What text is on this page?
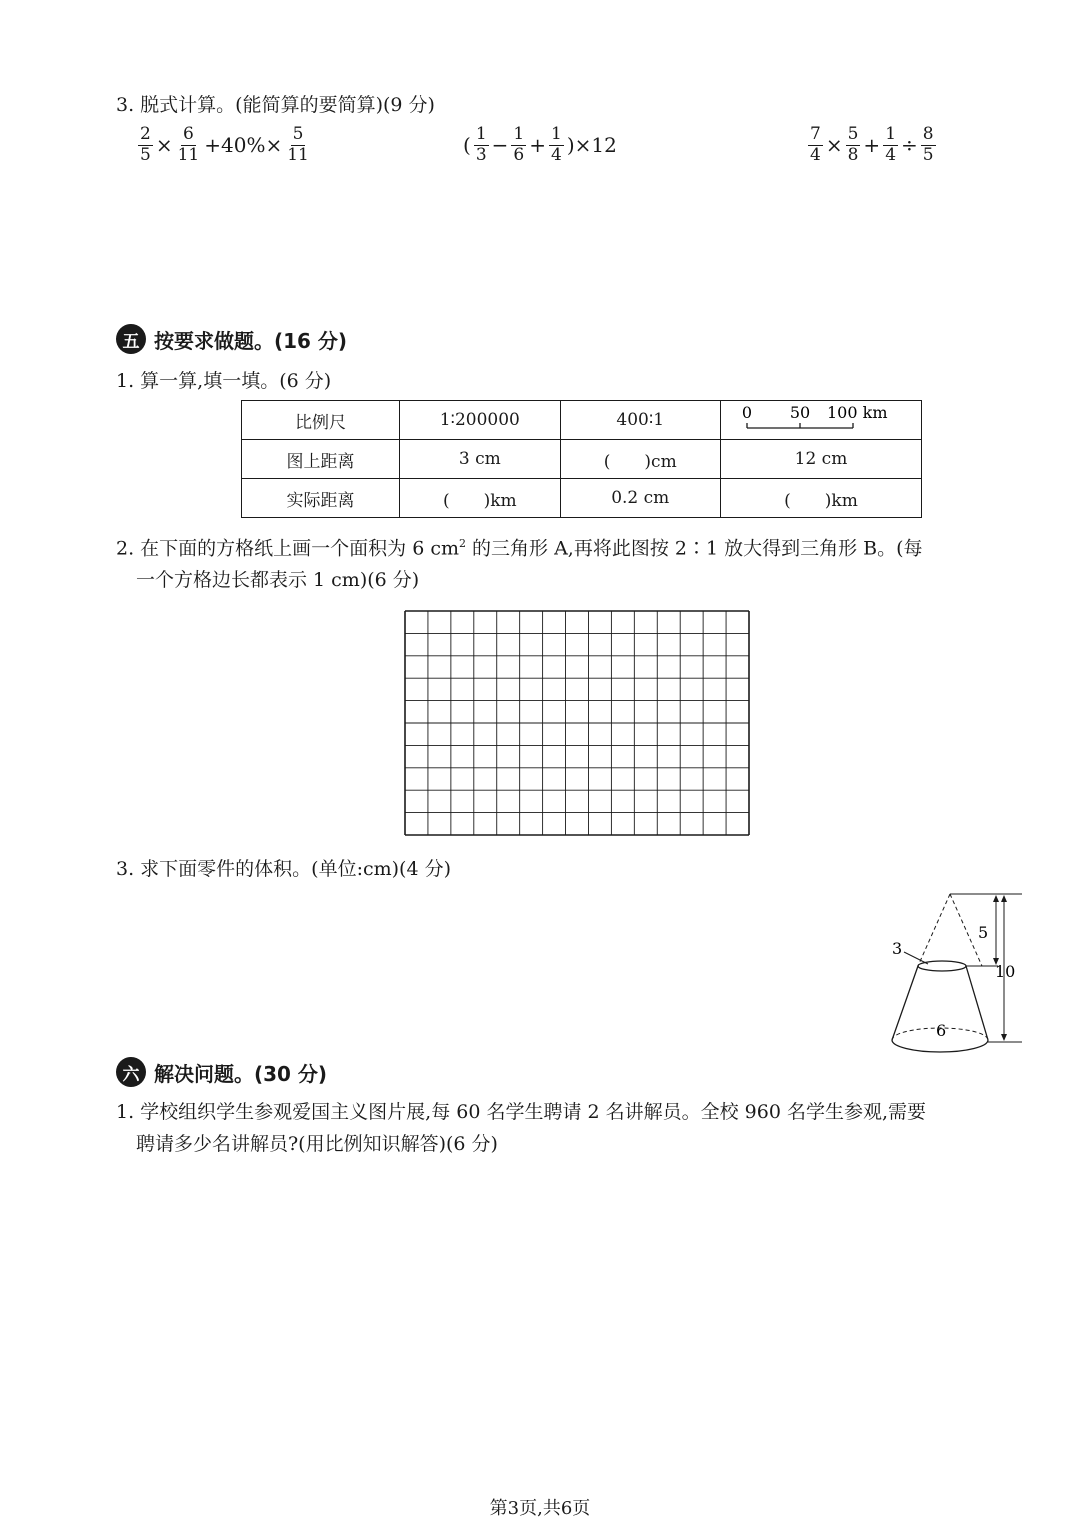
3. 脱式计算。(能简算的要简算)(9 分)
$\frac{2}{5} \times \frac{6}{11} +40\%\times \frac{5}{11}$	( $\frac{1}{3} - \frac{1}{6} + \frac{1}{4} )\times 12$	$\frac{7}{4} \times \frac{5}{8} + \frac{1}{4} \div \frac{8}{5}$
五 按要求做题。(16 分)
1. 算一算,填一填。(6 分)
比例尺	1∶200000	400∶1	0 50 100 km

图上距离	3 cm	(　　)cm	12 cm
实际距离	(　　)km	0.2 cm	(　　)km
2. 在下面的方格纸上画一个面积为 6 $cm^2$ 的三角形 A,再将此图按 2∶1 放大得到三角形 B。(每
一个方格边长都表示 1 cm)(6 分)
3. 求下面零件的体积。(单位:cm)(4 分)
3
5
10
6
六 解决问题。(30 分)
1. 学校组织学生参观爱国主义图片展,每 60 名学生聘请 2 名讲解员。全校 960 名学生参观,需要
聘请多少名讲解员?(用比例知识解答)(6 分)
第3页,共6页
